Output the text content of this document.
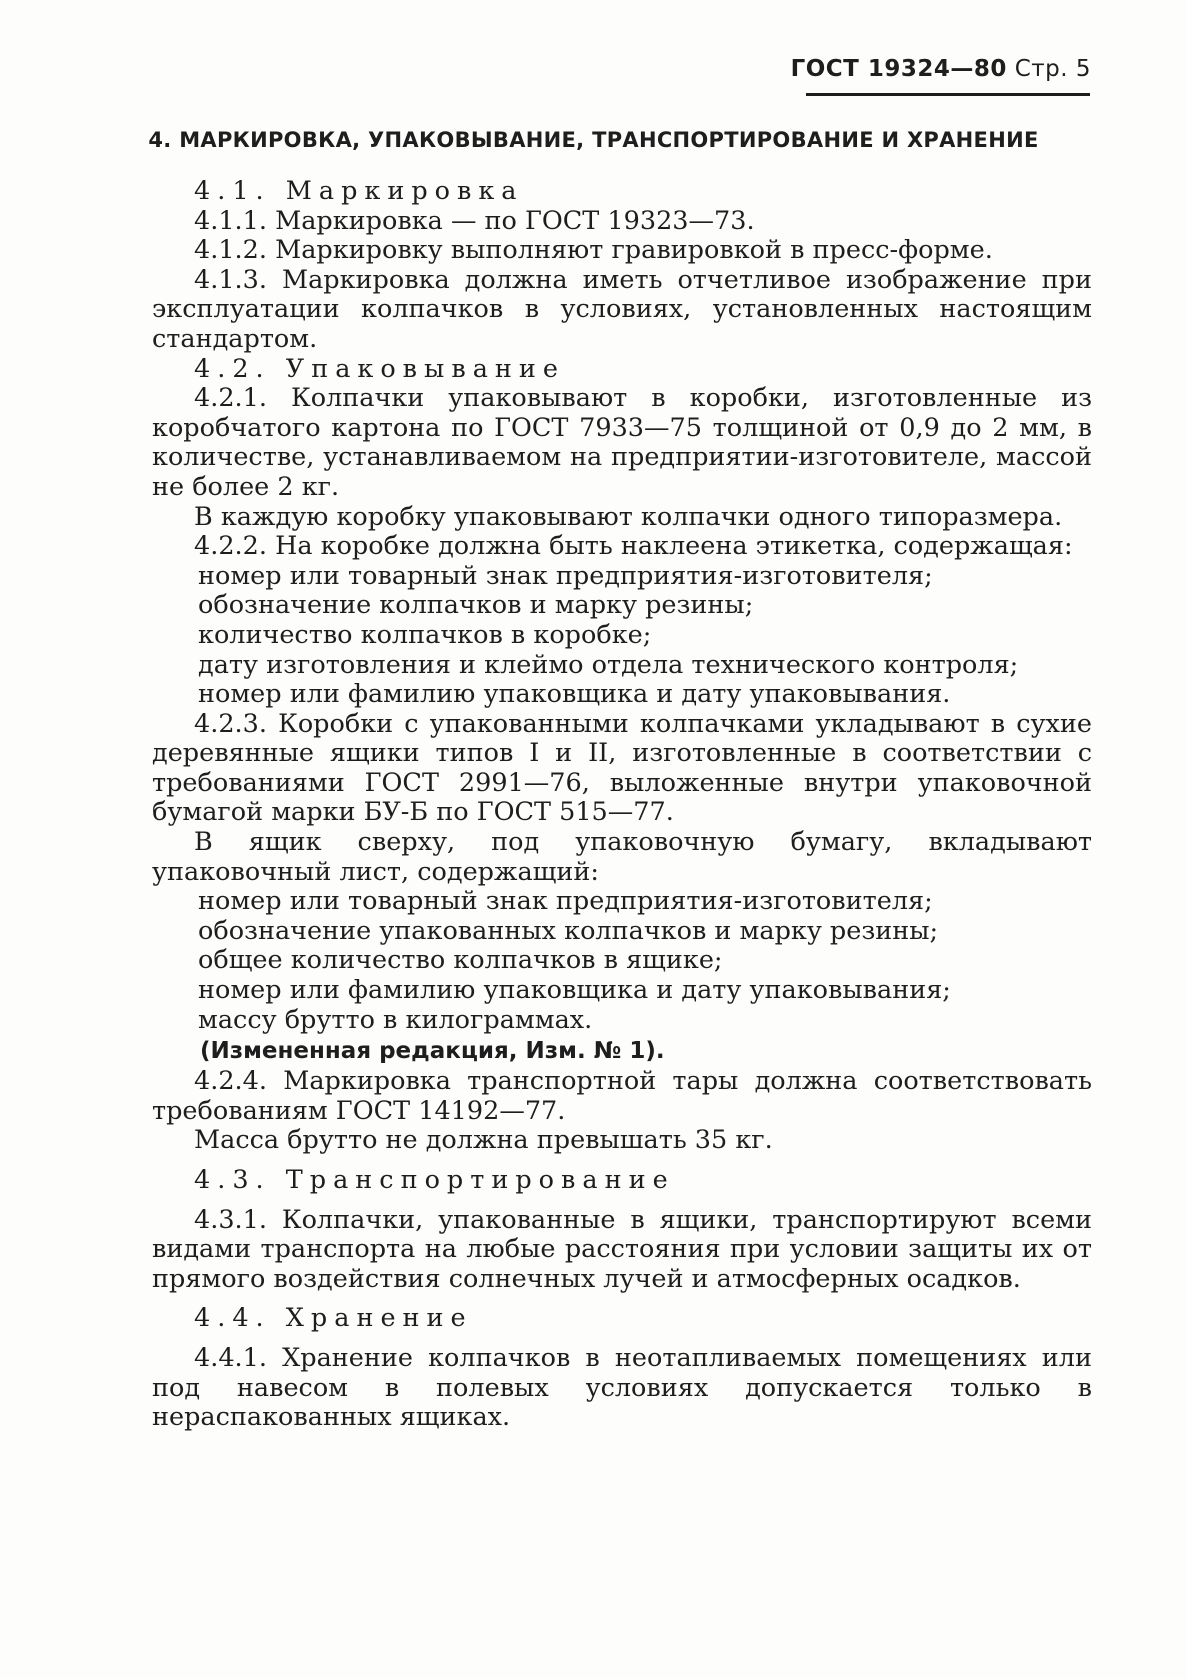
ГОСТ 19324—80 Стр. 5
4. МАРКИРОВКА, УПАКОВЫВАНИЕ, ТРАНСПОРТИРОВАНИЕ И ХРАНЕНИЕ

4.1. Маркировка

4.1.1. Маркировка — по ГОСТ 19323—73.

4.1.2. Маркировку выполняют гравировкой в пресс-форме.

4.1.3. Маркировка должна иметь отчетливое изображение при эксплуатации колпачков в условиях, установленных настоящим стандартом.

4.2. Упаковывание

4.2.1. Колпачки упаковывают в коробки, изготовленные из коробчатого картона по ГОСТ 7933—75 толщиной от 0,9 до 2 мм, в количестве, устанавливаемом на предприятии-изготовителе, массой не более 2 кг.

В каждую коробку упаковывают колпачки одного типоразмера.

4.2.2. На коробке должна быть наклеена этикетка, содержащая:

номер или товарный знак предприятия-изготовителя;

обозначение колпачков и марку резины;

количество колпачков в коробке;

дату изготовления и клеймо отдела технического контроля;

номер или фамилию упаковщика и дату упаковывания.

4.2.3. Коробки с упакованными колпачками укладывают в сухие деревянные ящики типов I и II, изготовленные в соответствии с требованиями ГОСТ 2991—76, выложенные внутри упаковочной бумагой марки БУ-Б по ГОСТ 515—77.

В ящик сверху, под упаковочную бумагу, вкладывают упаковочный лист, содержащий:

номер или товарный знак предприятия-изготовителя;

обозначение упакованных колпачков и марку резины;

общее количество колпачков в ящике;

номер или фамилию упаковщика и дату упаковывания;

массу брутто в килограммах.

(Измененная редакция, Изм. № 1).

4.2.4. Маркировка транспортной тары должна соответствовать требованиям ГОСТ 14192—77.

Масса брутто не должна превышать 35 кг.

4.3. Транспортирование

4.3.1. Колпачки, упакованные в ящики, транспортируют всеми видами транспорта на любые расстояния при условии защиты их от прямого воздействия солнечных лучей и атмосферных осадков.

4.4. Хранение

4.4.1. Хранение колпачков в неотапливаемых помещениях или под навесом в полевых условиях допускается только в нераспакованных ящиках.
